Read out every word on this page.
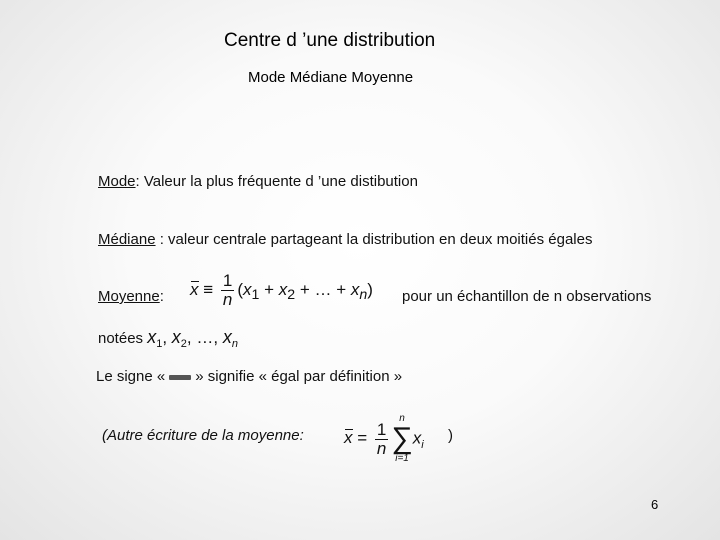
Centre d ’une distribution
Mode Médiane Moyenne
Mode: Valeur la plus fréquente d ’une distibution
Médiane : valeur centrale partageant la distribution en deux moitiés égales
Moyenne: $x \equiv \frac{1}{n} (x_1 + x_2$ + … + $x_n$) pour un échantillon de n observations
notées $x_1$, $x_2$, …, $x_n$
Le signe « » signifie « égal par définition »
(Autre écriture de la moyenne: $x = \frac{1}{n}$
n
∑
i=1
$x_i$
)
6
